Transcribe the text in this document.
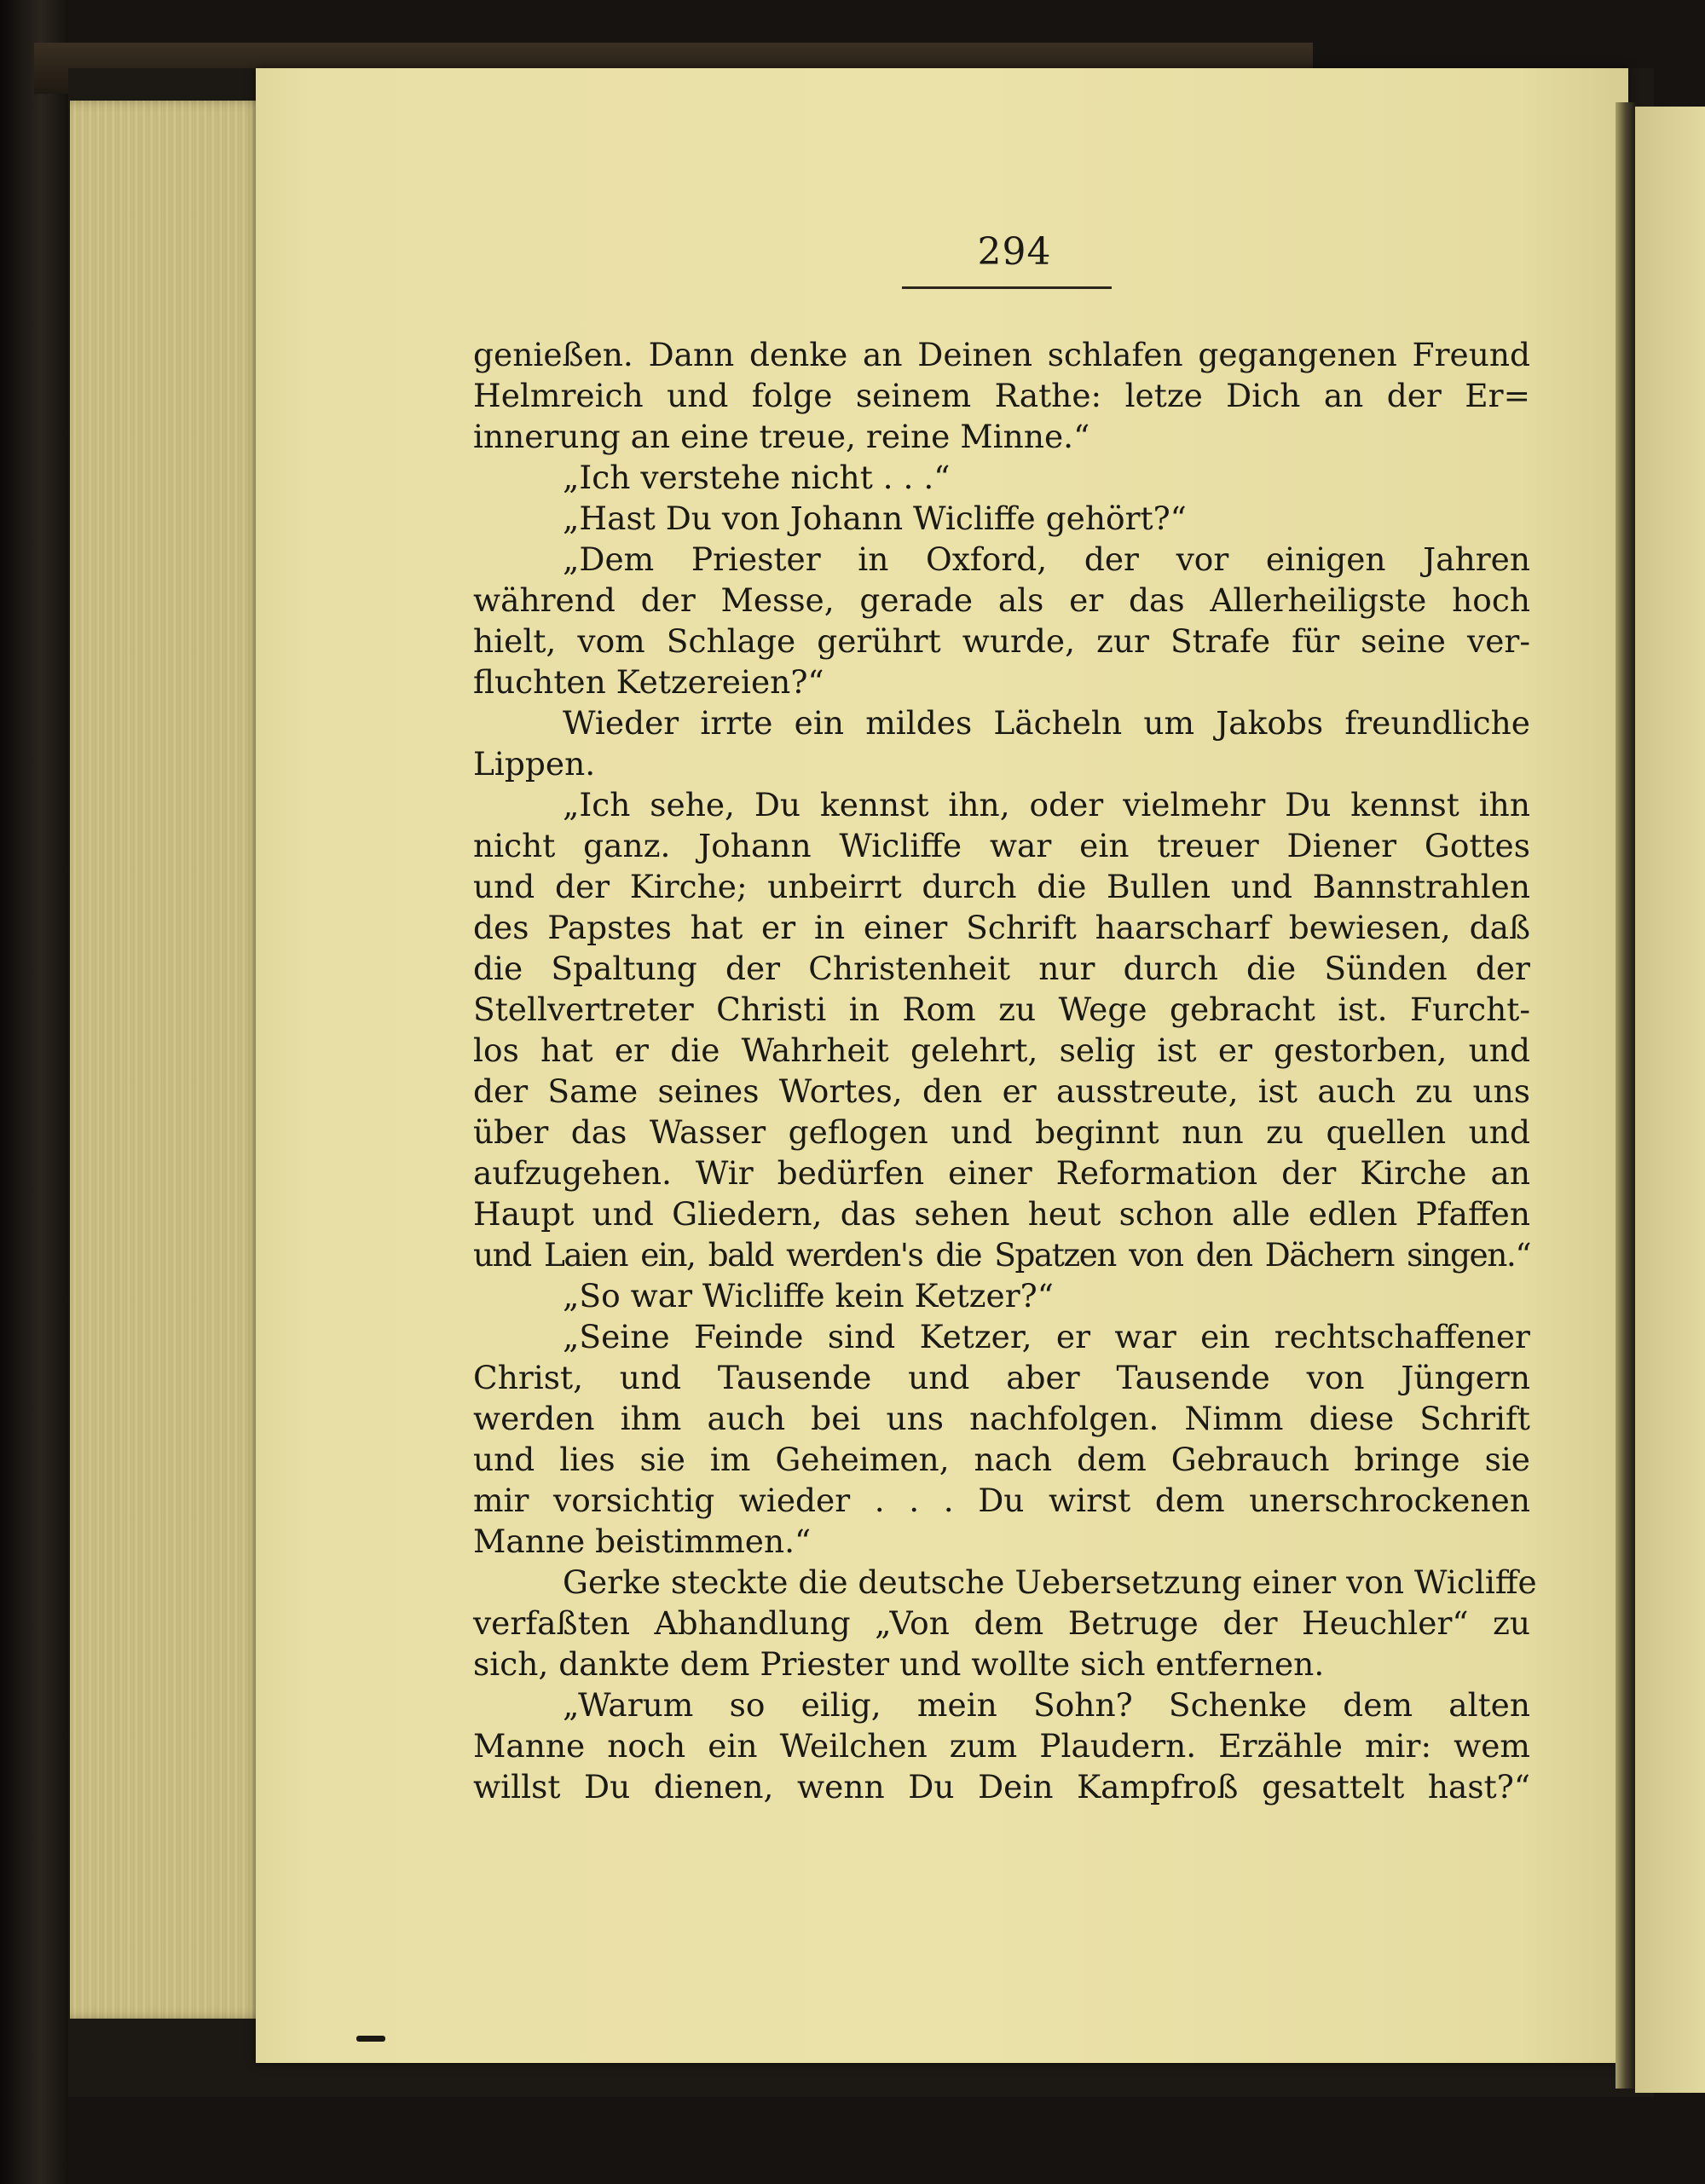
294
genießen. Dann denke an Deinen schlafen gegangenen Freund
Helmreich und folge seinem Rathe: letze Dich an der Er=
innerung an eine treue, reine Minne.“
„Ich verstehe nicht . . .“
„Hast Du von Johann Wicliffe gehört?“
„Dem Priester in Oxford, der vor einigen Jahren
während der Messe, gerade als er das Allerheiligste hoch
hielt, vom Schlage gerührt wurde, zur Strafe für seine ver-
fluchten Ketzereien?“
Wieder irrte ein mildes Lächeln um Jakobs freundliche
Lippen.
„Ich sehe, Du kennst ihn, oder vielmehr Du kennst ihn
nicht ganz. Johann Wicliffe war ein treuer Diener Gottes
und der Kirche; unbeirrt durch die Bullen und Bannstrahlen
des Papstes hat er in einer Schrift haarscharf bewiesen, daß
die Spaltung der Christenheit nur durch die Sünden der
Stellvertreter Christi in Rom zu Wege gebracht ist. Furcht-
los hat er die Wahrheit gelehrt, selig ist er gestorben, und
der Same seines Wortes, den er ausstreute, ist auch zu uns
über das Wasser geflogen und beginnt nun zu quellen und
aufzugehen. Wir bedürfen einer Reformation der Kirche an
Haupt und Gliedern, das sehen heut schon alle edlen Pfaffen
und Laien ein, bald werden's die Spatzen von den Dächern singen.“
„So war Wicliffe kein Ketzer?“
„Seine Feinde sind Ketzer, er war ein rechtschaffener
Christ, und Tausende und aber Tausende von Jüngern
werden ihm auch bei uns nachfolgen. Nimm diese Schrift
und lies sie im Geheimen, nach dem Gebrauch bringe sie
mir vorsichtig wieder . . . Du wirst dem unerschrockenen
Manne beistimmen.“
Gerke steckte die deutsche Uebersetzung einer von Wicliffe
verfaßten Abhandlung „Von dem Betruge der Heuchler“ zu
sich, dankte dem Priester und wollte sich entfernen.
„Warum so eilig, mein Sohn? Schenke dem alten
Manne noch ein Weilchen zum Plaudern. Erzähle mir: wem
willst Du dienen, wenn Du Dein Kampfroß gesattelt hast?“
